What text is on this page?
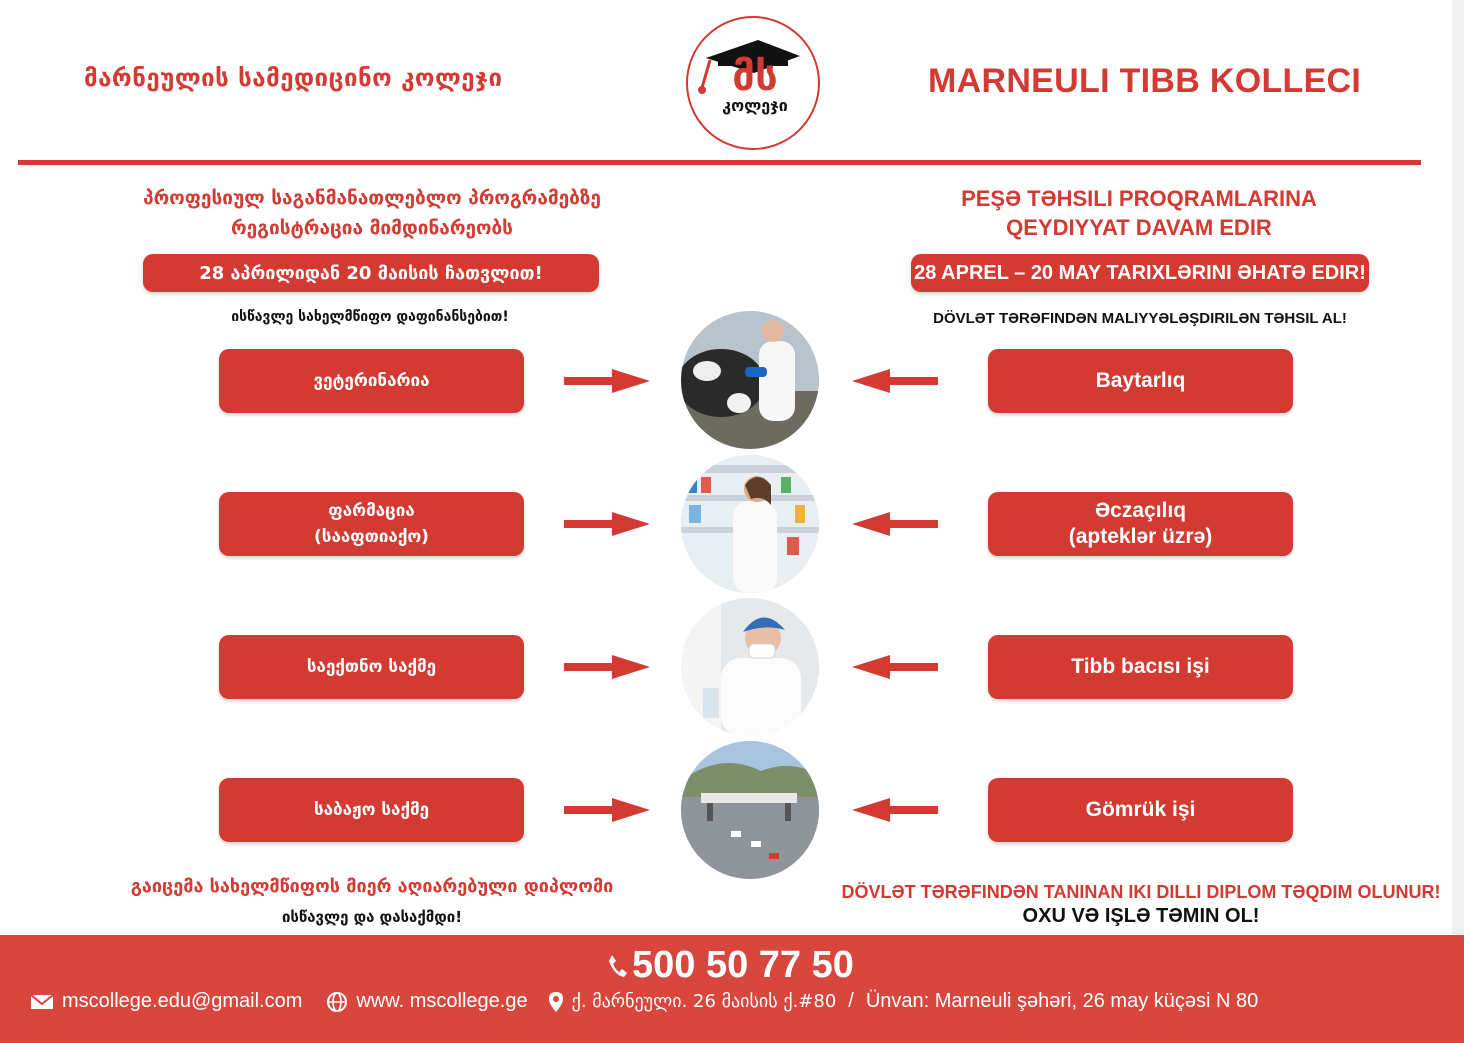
მარნეულის სამედიცინო კოლეჯი	MARNEULI TIBB KOLLECI
მს
კოლეჯი
პროფესიულ საგანმანათლებლო პროგრამებზე
რეგისტრაცია მიმდინარეობს
PEŞƏ TƏHSILI PROQRAMLARINA
QEYDIYYAT DAVAM EDIR
28 აპრილიდან 20 მაისის ჩათვლით!	28 APREL – 20 MAY TARIXLƏRINI ƏHATƏ EDIR!
ისწავლე სახელმწიფო დაფინანსებით!	DÖVLƏT TƏRƏFINDƏN MALIYYƏLƏŞDIRILƏN TƏHSIL AL!
ვეტერინარია	Baytarlıq
ფარმაცია
(სააფთიაქო)
Əczaçılıq
(apteklər üzrə)
საექთნო საქმე	Tibb bacısı işi
საბაჟო საქმე	Gömrük işi
გაიცემა სახელმწიფოს მიერ აღიარებული დიპლომი
ისწავლე და დასაქმდი!
DÖVLƏT TƏRƏFINDƏN TANINAN IKI DILLI DIPLOM TƏQDIM OLUNUR!
OXU VƏ IŞLƏ TƏMIN OL!
500 50 77 50
mscollege.edu@gmail.com	www. mscollege.ge ქ. მარნეული. 26 მაისის ქ.#80 / Ünvan: Marneuli şəhəri, 26 may küçəsi N 80
